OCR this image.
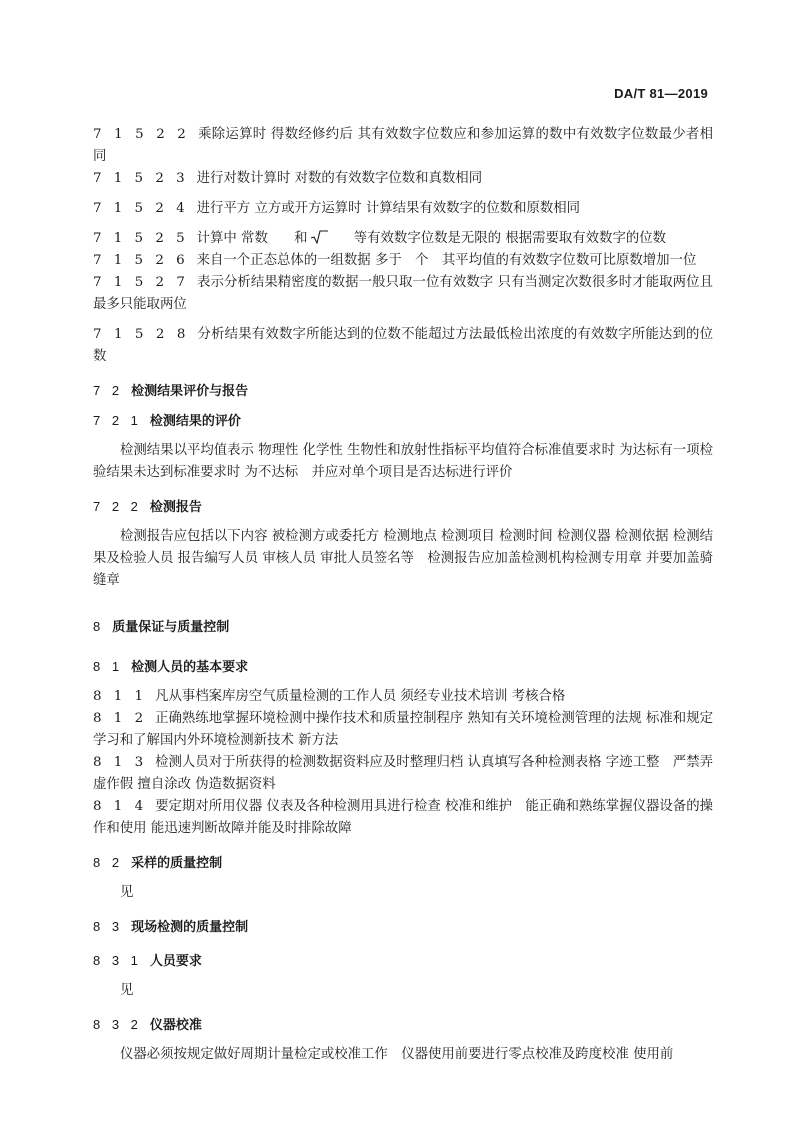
DA/T 81—2019

7 1 5 2 2 乘除运算时 得数经修约后 其有效数字位数应和参加运算的数中有效数字位数最少者相同

7 1 5 2 3 进行对数计算时 对数的有效数字位数和真数相同

7 1 5 2 4 进行平方 立方或开方运算时 计算结果有效数字的位数和原数相同

7 1 5 2 5 计算中 常数 和	等有效数字位数是无限的 根据需要取有效数字的位数

7 1 5 2 6 来自一个正态总体的一组数据 多于　个　其平均值的有效数字位数可比原数增加一位

7 1 5 2 7 表示分析结果精密度的数据一般只取一位有效数字 只有当测定次数很多时才能取两位且最多只能取两位

7 1 5 2 8 分析结果有效数字所能达到的位数不能超过方法最低检出浓度的有效数字所能达到的位数

7 2 检测结果评价与报告

7 2 1 检测结果的评价

检测结果以平均值表示 物理性 化学性 生物性和放射性指标平均值符合标准值要求时 为达标有一项检验结果未达到标准要求时 为不达标　并应对单个项目是否达标进行评价

7 2 2 检测报告

检测报告应包括以下内容 被检测方或委托方 检测地点 检测项目 检测时间 检测仪器 检测依据 检测结果及检验人员 报告编写人员 审核人员 审批人员签名等　检测报告应加盖检测机构检测专用章 并要加盖骑缝章

8 质量保证与质量控制

8 1 检测人员的基本要求

8 1 1 凡从事档案库房空气质量检测的工作人员 须经专业技术培训 考核合格

8 1 2 正确熟练地掌握环境检测中操作技术和质量控制程序 熟知有关环境检测管理的法规 标准和规定 学习和了解国内外环境检测新技术 新方法

8 1 3 检测人员对于所获得的检测数据资料应及时整理归档 认真填写各种检测表格 字迹工整　严禁弄虚作假 擅自涂改 伪造数据资料

8 1 4 要定期对所用仪器 仪表及各种检测用具进行检查 校准和维护　能正确和熟练掌握仪器设备的操作和使用 能迅速判断故障并能及时排除故障

8 2 采样的质量控制

见

8 3 现场检测的质量控制

8 3 1 人员要求

见

8 3 2 仪器校准

仪器必须按规定做好周期计量检定或校准工作　仪器使用前要进行零点校准及跨度校准 使用前
